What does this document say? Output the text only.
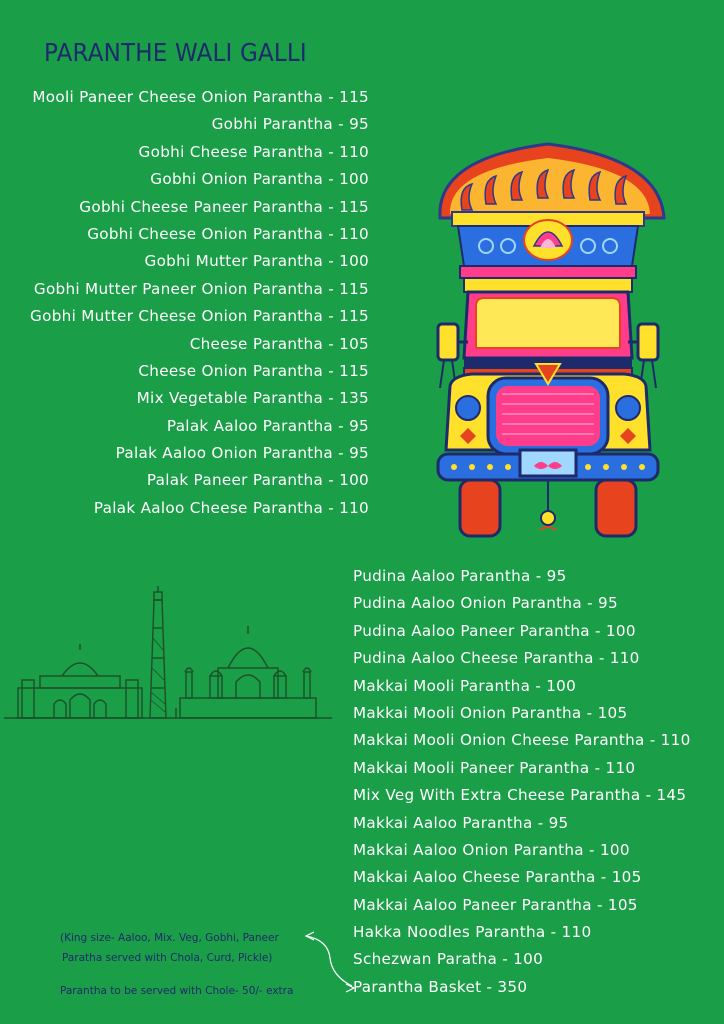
PARANTHE WALI GALLI
Mooli Paneer Cheese Onion Parantha - 115
Gobhi Parantha - 95
Gobhi Cheese Parantha - 110
Gobhi Onion Parantha - 100
Gobhi Cheese Paneer Parantha - 115
Gobhi Cheese Onion Parantha - 110
Gobhi Mutter Parantha - 100
Gobhi Mutter Paneer Onion Parantha - 115
Gobhi Mutter Cheese Onion Parantha - 115
Cheese Parantha - 105
Cheese Onion Parantha - 115
Mix Vegetable Parantha - 135
Palak Aaloo Parantha - 95
Palak Aaloo Onion Parantha - 95
Palak Paneer Parantha - 100
Palak Aaloo Cheese Parantha - 110
Pudina Aaloo Parantha - 95
Pudina Aaloo Onion Parantha - 95
Pudina Aaloo Paneer Parantha - 100
Pudina Aaloo Cheese Parantha - 110
Makkai Mooli Parantha - 100
Makkai Mooli Onion Parantha - 105
Makkai Mooli Onion Cheese Parantha - 110
Makkai Mooli Paneer Parantha - 110
Mix Veg With Extra Cheese Parantha - 145
Makkai Aaloo Parantha - 95
Makkai Aaloo Onion Parantha - 100
Makkai Aaloo Cheese Parantha - 105
Makkai Aaloo Paneer Parantha - 105
Hakka Noodles Parantha - 110
Schezwan Paratha - 100
Parantha Basket - 350
(King size- Aaloo, Mix. Veg, Gobhi, Paneer
Paratha served with Chola, Curd, Pickle)
Parantha to be served with Chole- 50/- extra
